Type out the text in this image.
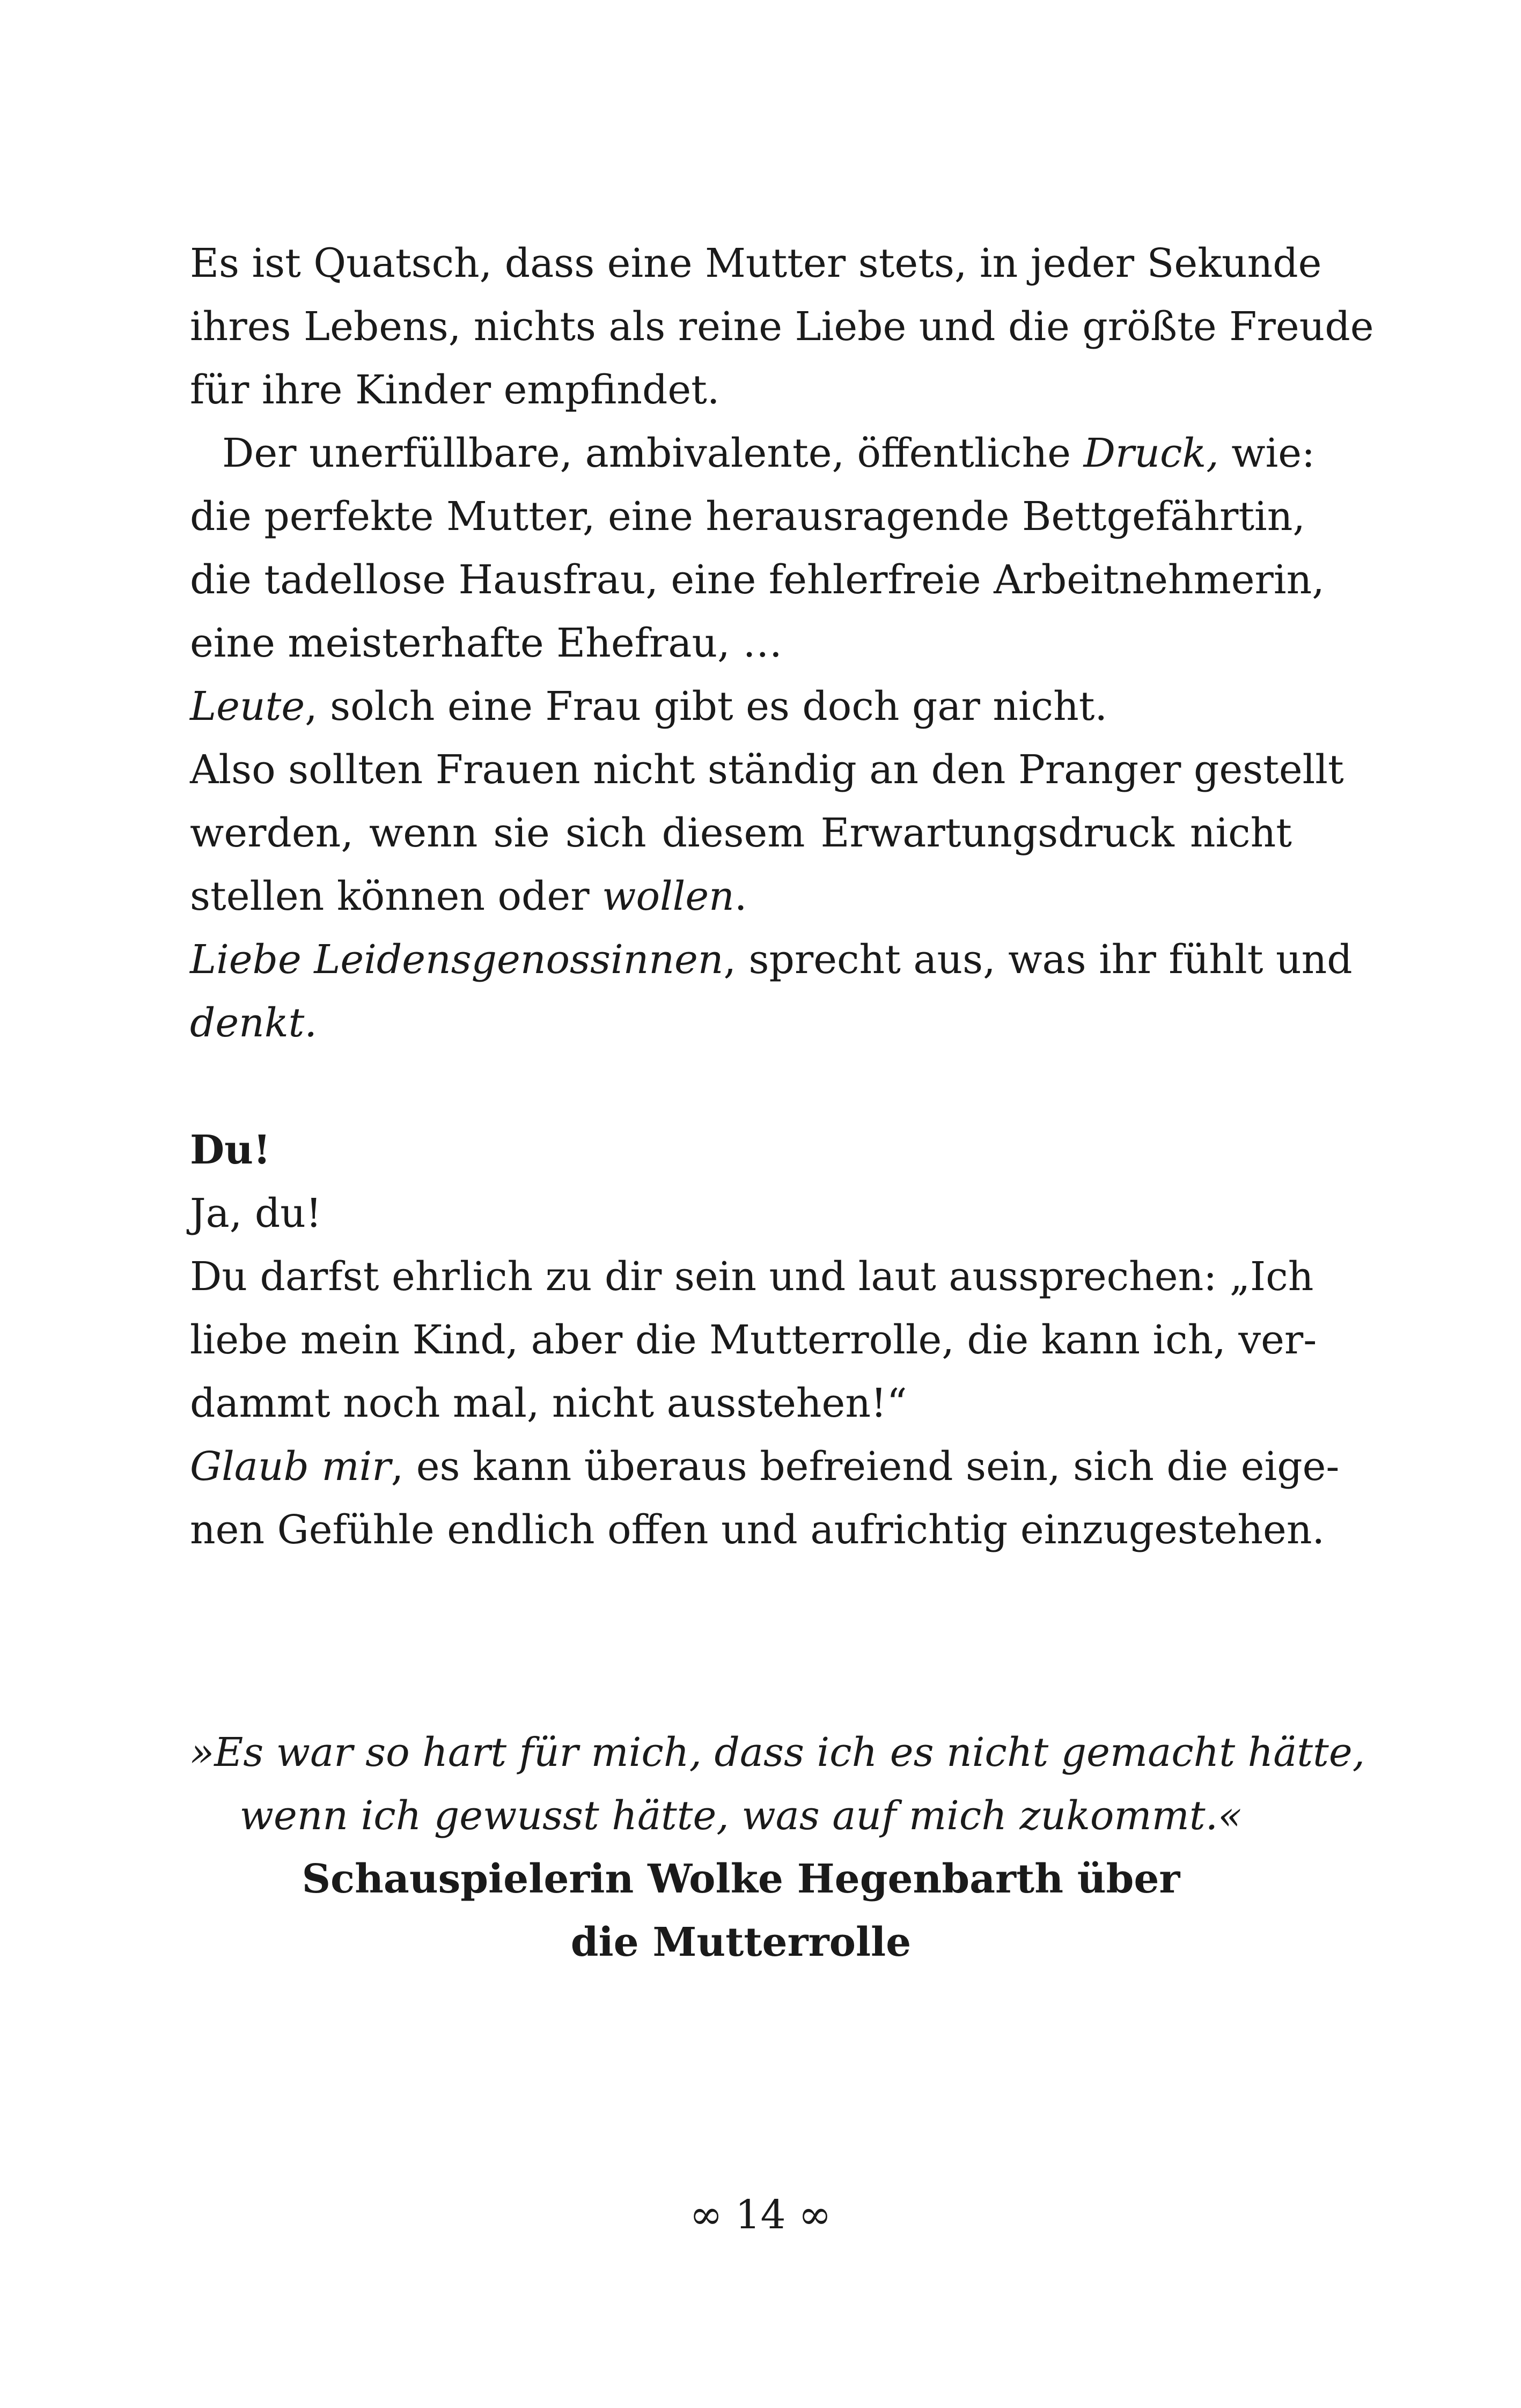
Es ist Quatsch, dass eine Mutter stets, in jeder Sekunde

ihres Lebens, nichts als reine Liebe und die größte Freude

für ihre Kinder empfindet.

Der unerfüllbare, ambivalente, öffentliche Druck, wie:

die perfekte Mutter, eine herausragende Bettgefährtin,

die tadellose Hausfrau, eine fehlerfreie Arbeitnehmerin,

eine meisterhafte Ehefrau, …

Leute, solch eine Frau gibt es doch gar nicht.

Also sollten Frauen nicht ständig an den Pranger gestellt

werden, wenn sie sich diesem Erwartungsdruck nicht

stellen können oder wollen.

Liebe Leidensgenossinnen, sprecht aus, was ihr fühlt und

denkt.

Du!

Ja, du!

Du darfst ehrlich zu dir sein und laut aussprechen: „Ich

liebe mein Kind, aber die Mutterrolle, die kann ich, ver-

dammt noch mal, nicht ausstehen!“

Glaub mir, es kann überaus befreiend sein, sich die eige-

nen Gefühle endlich offen und aufrichtig einzugestehen.

»Es war so hart für mich, dass ich es nicht gemacht hätte,

wenn ich gewusst hätte, was auf mich zukommt.«

Schauspielerin Wolke Hegenbarth über

die Mutterrolle

∞ 14 ∞
